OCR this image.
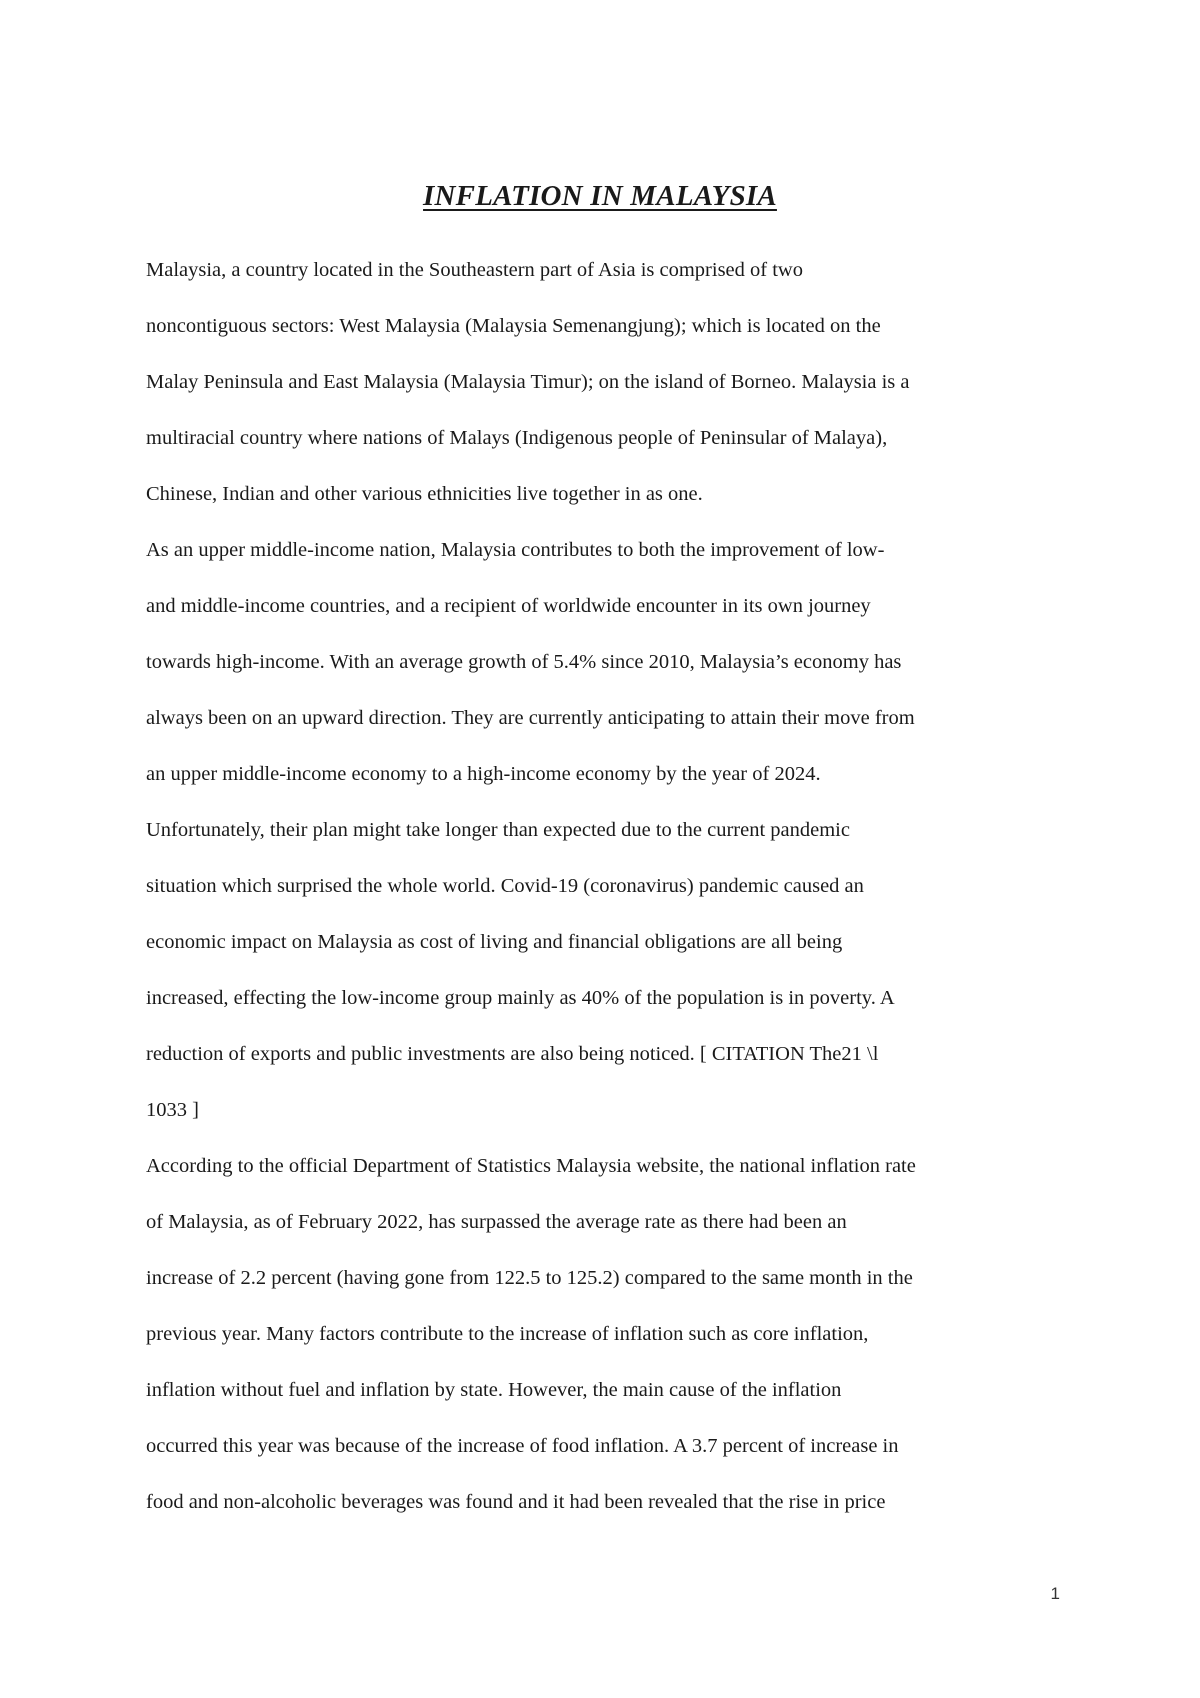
INFLATION IN MALAYSIA
Malaysia, a country located in the Southeastern part of Asia is comprised of two
noncontiguous sectors: West Malaysia (Malaysia Semenangjung); which is located on the
Malay Peninsula and East Malaysia (Malaysia Timur); on the island of Borneo. Malaysia is a
multiracial country where nations of Malays (Indigenous people of Peninsular of Malaya),
Chinese, Indian and other various ethnicities live together in as one.
As an upper middle-income nation, Malaysia contributes to both the improvement of low-
and middle-income countries, and a recipient of worldwide encounter in its own journey
towards high-income. With an average growth of 5.4% since 2010, Malaysia’s economy has
always been on an upward direction. They are currently anticipating to attain their move from
an upper middle-income economy to a high-income economy by the year of 2024.
Unfortunately, their plan might take longer than expected due to the current pandemic
situation which surprised the whole world. Covid-19 (coronavirus) pandemic caused an
economic impact on Malaysia as cost of living and financial obligations are all being
increased, effecting the low-income group mainly as 40% of the population is in poverty. A
reduction of exports and public investments are also being noticed. [ CITATION The21 \l
1033 ]
According to the official Department of Statistics Malaysia website, the national inflation rate
of Malaysia, as of February 2022, has surpassed the average rate as there had been an
increase of 2.2 percent (having gone from 122.5 to 125.2) compared to the same month in the
previous year. Many factors contribute to the increase of inflation such as core inflation,
inflation without fuel and inflation by state. However, the main cause of the inflation
occurred this year was because of the increase of food inflation. A 3.7 percent of increase in
food and non-alcoholic beverages was found and it had been revealed that the rise in price
1
